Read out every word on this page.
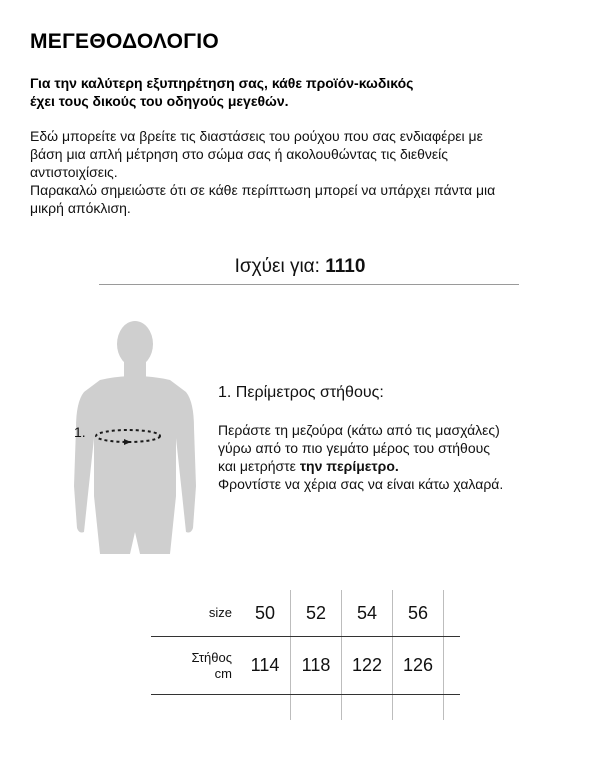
ΜΕΓΕΘΟΔΟΛΟΓΙΟ
Για την καλύτερη εξυπηρέτηση σας, κάθε προϊόν-κωδικός
έχει τους δικούς του οδηγούς μεγεθών.

Εδώ μπορείτε να βρείτε τις διαστάσεις του ρούχου που σας ενδιαφέρει με

βάση μια απλή μέτρηση στο σώμα σας ή ακολουθώντας τις διεθνείς

αντιστοιχίσεις.

Παρακαλώ σημειώστε ότι σε κάθε περίπτωση μπορεί να υπάρχει πάντα μια

μικρή απόκλιση.

Ισχύει για: 1110
1.
1. Περίμετρος στήθους:

Περάστε τη μεζούρα (κάτω από τις μασχάλες)

γύρω από το πιο γεμάτο μέρος του στήθους

και μετρήστε την περίμετρο.

Φροντίστε να χέρια σας να είναι κάτω χαλαρά.

size	50	52	54	56	
Στήθος
cm	114	118	122	126	
